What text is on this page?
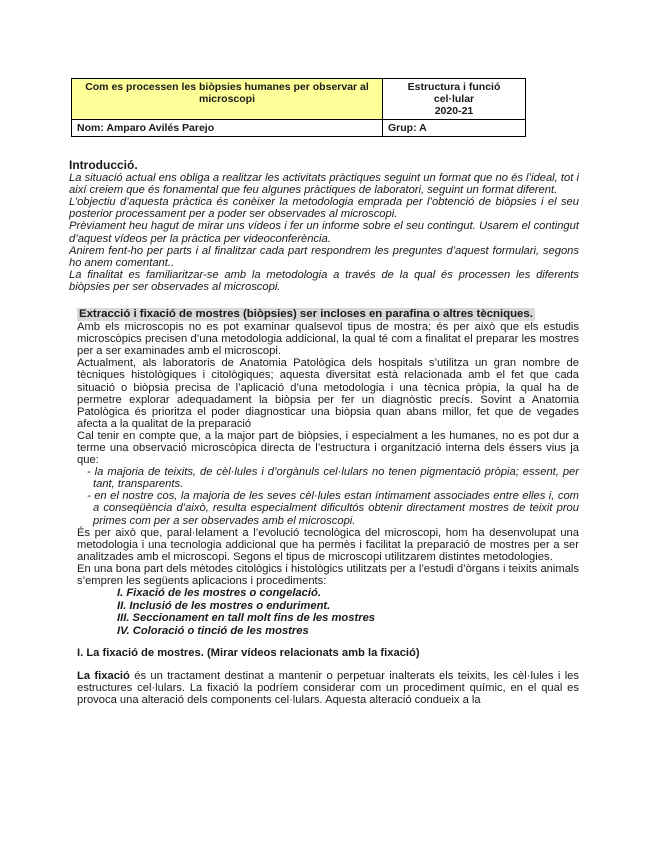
Com es processen les biòpsies humanes per observar al microscopi	Estructura i funció cel·lular
2020-21

Nom: Amparo Avilés Parejo	Grup: A

Introducció.

La situació actual ens obliga a realitzar les activitats pràctiques seguint un format que no és l’ideal, tot i així creiem que és fonamental que feu algunes pràctiques de laboratori, seguint un format diferent.

L’objectiu d’aquesta pràctica és conèixer la metodologia emprada per l’obtenció de biòpsies i el seu posterior processament per a poder ser observades al microscopi.

Prèviament heu hagut de mirar uns vídeos i fer un informe sobre el seu contingut. Usarem el contingut d’aquest vídeos per la pràctica per videoconferència.

Anirem fent-ho per parts i al finalitzar cada part respondrem les preguntes d’aquest formulari, segons ho anem comentant..

La finalitat es familiaritzar-se amb la metodologia a través de la qual és processen les diferents biòpsies per ser observades al microscopi.

Extracció i fixació de mostres (biòpsies) ser incloses en parafina o altres tècniques.

Amb els microscopis no es pot examinar qualsevol tipus de mostra; és per això que els estudis microscòpics precisen d’una metodologia addicional, la qual té com a finalitat el preparar les mostres per a ser examinades amb el microscopi.

Actualment, als laboratoris de Anatomia Patològica dels hospitals s’utilitza un gran nombre de tècniques histològiques i citològiques; aquesta diversitat està relacionada amb el fet que cada situació o biòpsia precisa de l’aplicació d’una metodologia i una tècnica pròpia, la qual ha de permetre explorar adequadament la biòpsia per fer un diagnòstic precís. Sovint a Anatomia Patològica és prioritza el poder diagnosticar una biòpsia quan abans millor, fet que de vegades afecta a la qualitat de la preparació

Cal tenir en compte que, a la major part de biòpsies, i especialment a les humanes, no es pot dur a terme una observació microscòpica directa de l’estructura i organització interna dels éssers vius ja que:

- la majoria de teixits, de cèl·lules i d’orgànuls cel·lulars no tenen pigmentació pròpia; essent, per tant, transparents.

- en el nostre cos, la majoria de les seves cèl·lules estan íntimament associades entre elles i, com a conseqüència d’això, resulta especialment dificultós obtenir directament mostres de teixit prou primes com per a ser observades amb el microscopi.

És per això que, paral·lelament a l’evolució tecnològica del microscopi, hom ha desenvolupat una metodologia i una tecnologia addicional que ha permès i facilitat la preparació de mostres per a ser analitzades amb el microscopi. Segons el tipus de microscopi utilitzarem distintes metodologies.

En una bona part dels mètodes citològics i histològics utilitzats per a l’estudi d’òrgans i teixits animals s’empren les següents aplicacions i procediments:

I. Fixació de les mostres o congelació.

II. Inclusió de les mostres o enduriment.

III. Seccionament en tall molt fins de les mostres

IV. Coloració o tinció de les mostres

I. La fixació de mostres. (Mirar vídeos relacionats amb la fixació)

La fixació és un tractament destinat a mantenir o perpetuar inalterats els teixits, les cèl·lules i les estructures cel·lulars. La fixació la podríem considerar com un procediment químic, en el qual es provoca una alteració dels components cel·lulars. Aquesta alteració condueix a la
